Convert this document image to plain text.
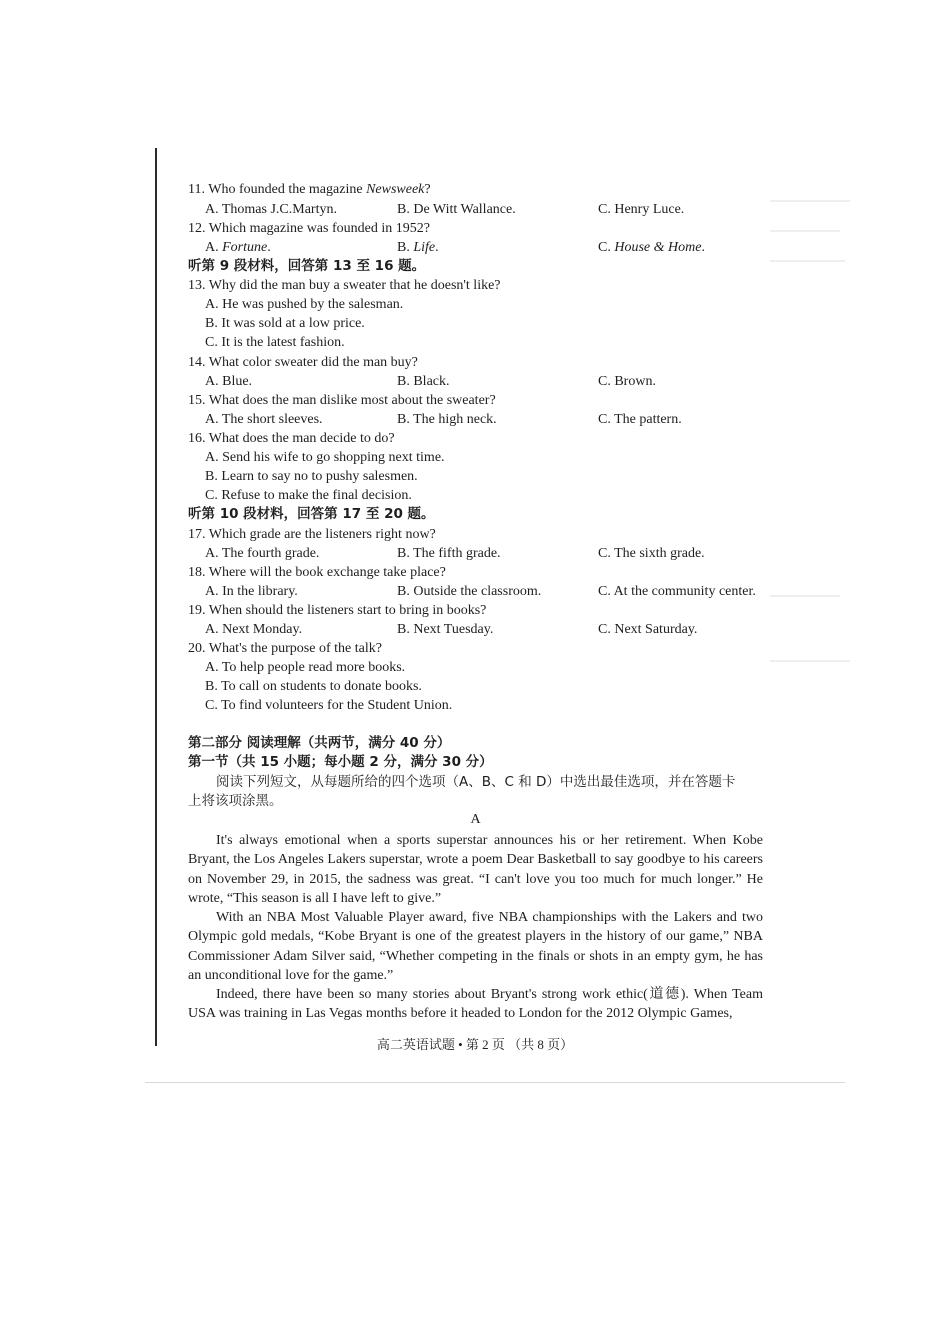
11. Who founded the magazine Newsweek?
A. Thomas J.C.Martyn.	B. De Witt Wallance.	C. Henry Luce.
12. Which magazine was founded in 1952?
A. Fortune.	B. Life.	C. House & Home.
听第 9 段材料，回答第 13 至 16 题。
13. Why did the man buy a sweater that he doesn't like?
A. He was pushed by the salesman.
B. It was sold at a low price.
C. It is the latest fashion.
14. What color sweater did the man buy?
A. Blue.	B. Black.	C. Brown.
15. What does the man dislike most about the sweater?
A. The short sleeves.	B. The high neck.	C. The pattern.
16. What does the man decide to do?
A. Send his wife to go shopping next time.
B. Learn to say no to pushy salesmen.
C. Refuse to make the final decision.
听第 10 段材料，回答第 17 至 20 题。
17. Which grade are the listeners right now?
A. The fourth grade.	B. The fifth grade.	C. The sixth grade.
18. Where will the book exchange take place?
A. In the library.	B. Outside the classroom.	C. At the community center.
19. When should the listeners start to bring in books?
A. Next Monday.	B. Next Tuesday.	C. Next Saturday.
20. What's the purpose of the talk?
A. To help people read more books.
B. To call on students to donate books.
C. To find volunteers for the Student Union.
第二部分 阅读理解（共两节，满分 40 分）
第一节（共 15 小题；每小题 2 分，满分 30 分）
阅读下列短文，从每题所给的四个选项（A、B、C 和 D）中选出最佳选项，并在答题卡
上将该项涂黑。
A
It's always emotional when a sports superstar announces his or her retirement. When Kobe Bryant, the Los Angeles Lakers superstar, wrote a poem Dear Basketball to say goodbye to his careers on November 29, in 2015, the sadness was great. “I can't love you too much for much longer.” He wrote, “This season is all I have left to give.”
With an NBA Most Valuable Player award, five NBA championships with the Lakers and two Olympic gold medals, “Kobe Bryant is one of the greatest players in the history of our game,” NBA Commissioner Adam Silver said, “Whether competing in the finals or shots in an empty gym, he has an unconditional love for the game.”
Indeed, there have been so many stories about Bryant's strong work ethic(道德). When Team USA was training in Las Vegas months before it headed to London for the 2012 Olympic Games,
高二英语试题 • 第 2 页 （共 8 页）
